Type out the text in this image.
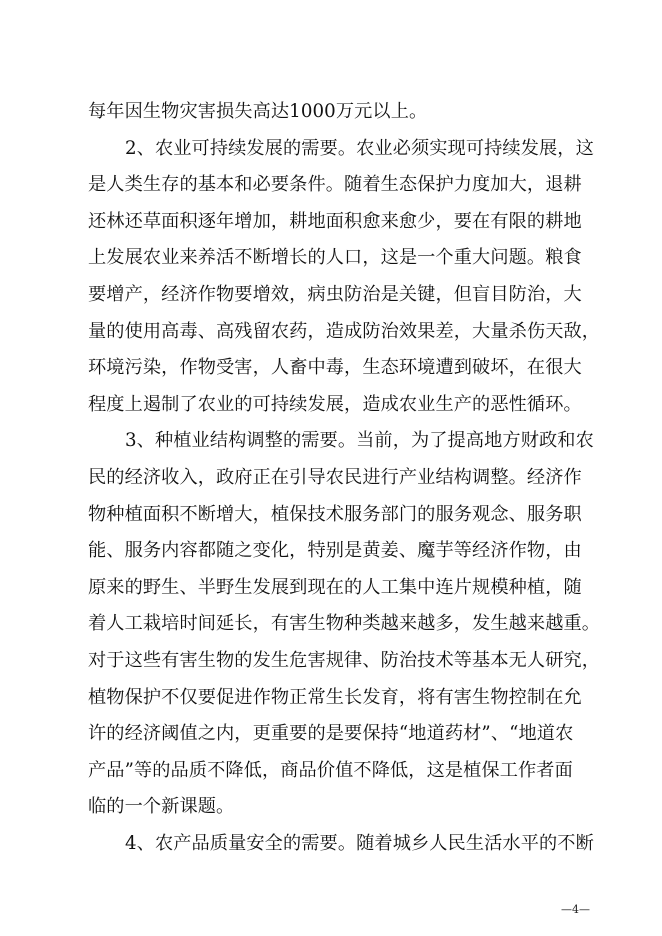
每年因生物灾害损失高达1000万元以上。
2、农业可持续发展的需要。农业必须实现可持续发展，这
是人类生存的基本和必要条件。随着生态保护力度加大，退耕
还林还草面积逐年增加，耕地面积愈来愈少，要在有限的耕地
上发展农业来养活不断增长的人口，这是一个重大问题。粮食
要增产，经济作物要增效，病虫防治是关键，但盲目防治，大
量的使用高毒、高残留农药，造成防治效果差，大量杀伤天敌，
环境污染，作物受害，人畜中毒，生态环境遭到破坏，在很大
程度上遏制了农业的可持续发展，造成农业生产的恶性循环。
3、种植业结构调整的需要。当前，为了提高地方财政和农
民的经济收入，政府正在引导农民进行产业结构调整。经济作
物种植面积不断增大，植保技术服务部门的服务观念、服务职
能、服务内容都随之变化，特别是黄姜、魔芋等经济作物，由
原来的野生、半野生发展到现在的人工集中连片规模种植，随
着人工栽培时间延长，有害生物种类越来越多，发生越来越重。
对于这些有害生物的发生危害规律、防治技术等基本无人研究，
植物保护不仅要促进作物正常生长发育，将有害生物控制在允
许的经济阈值之内，更重要的是要保持“地道药材”、“地道农
产品”等的品质不降低，商品价值不降低，这是植保工作者面
临的一个新课题。
4、农产品质量安全的需要。随着城乡人民生活水平的不断
—4—
